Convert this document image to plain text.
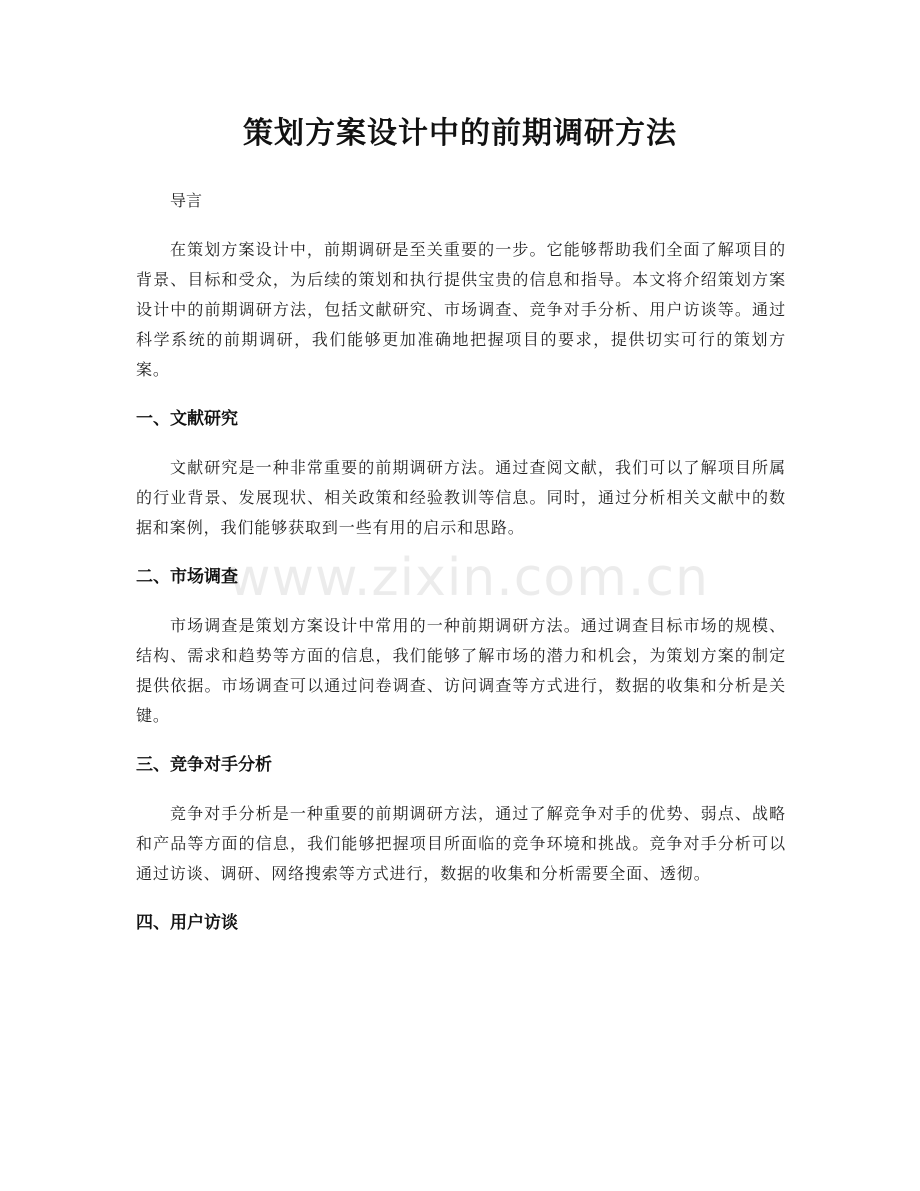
www.zixin.com.cn
策划方案设计中的前期调研方法

导言

在策划方案设计中，前期调研是至关重要的一步。它能够帮助我们全面了解项目的背景、目标和受众，为后续的策划和执行提供宝贵的信息和指导。本文将介绍策划方案设计中的前期调研方法，包括文献研究、市场调查、竞争对手分析、用户访谈等。通过科学系统的前期调研，我们能够更加准确地把握项目的要求，提供切实可行的策划方案。

一、文献研究

文献研究是一种非常重要的前期调研方法。通过查阅文献，我们可以了解项目所属的行业背景、发展现状、相关政策和经验教训等信息。同时，通过分析相关文献中的数据和案例，我们能够获取到一些有用的启示和思路。

二、市场调查

市场调查是策划方案设计中常用的一种前期调研方法。通过调查目标市场的规模、结构、需求和趋势等方面的信息，我们能够了解市场的潜力和机会，为策划方案的制定提供依据。市场调查可以通过问卷调查、访问调查等方式进行，数据的收集和分析是关键。

三、竞争对手分析

竞争对手分析是一种重要的前期调研方法，通过了解竞争对手的优势、弱点、战略和产品等方面的信息，我们能够把握项目所面临的竞争环境和挑战。竞争对手分析可以通过访谈、调研、网络搜索等方式进行，数据的收集和分析需要全面、透彻。

四、用户访谈
